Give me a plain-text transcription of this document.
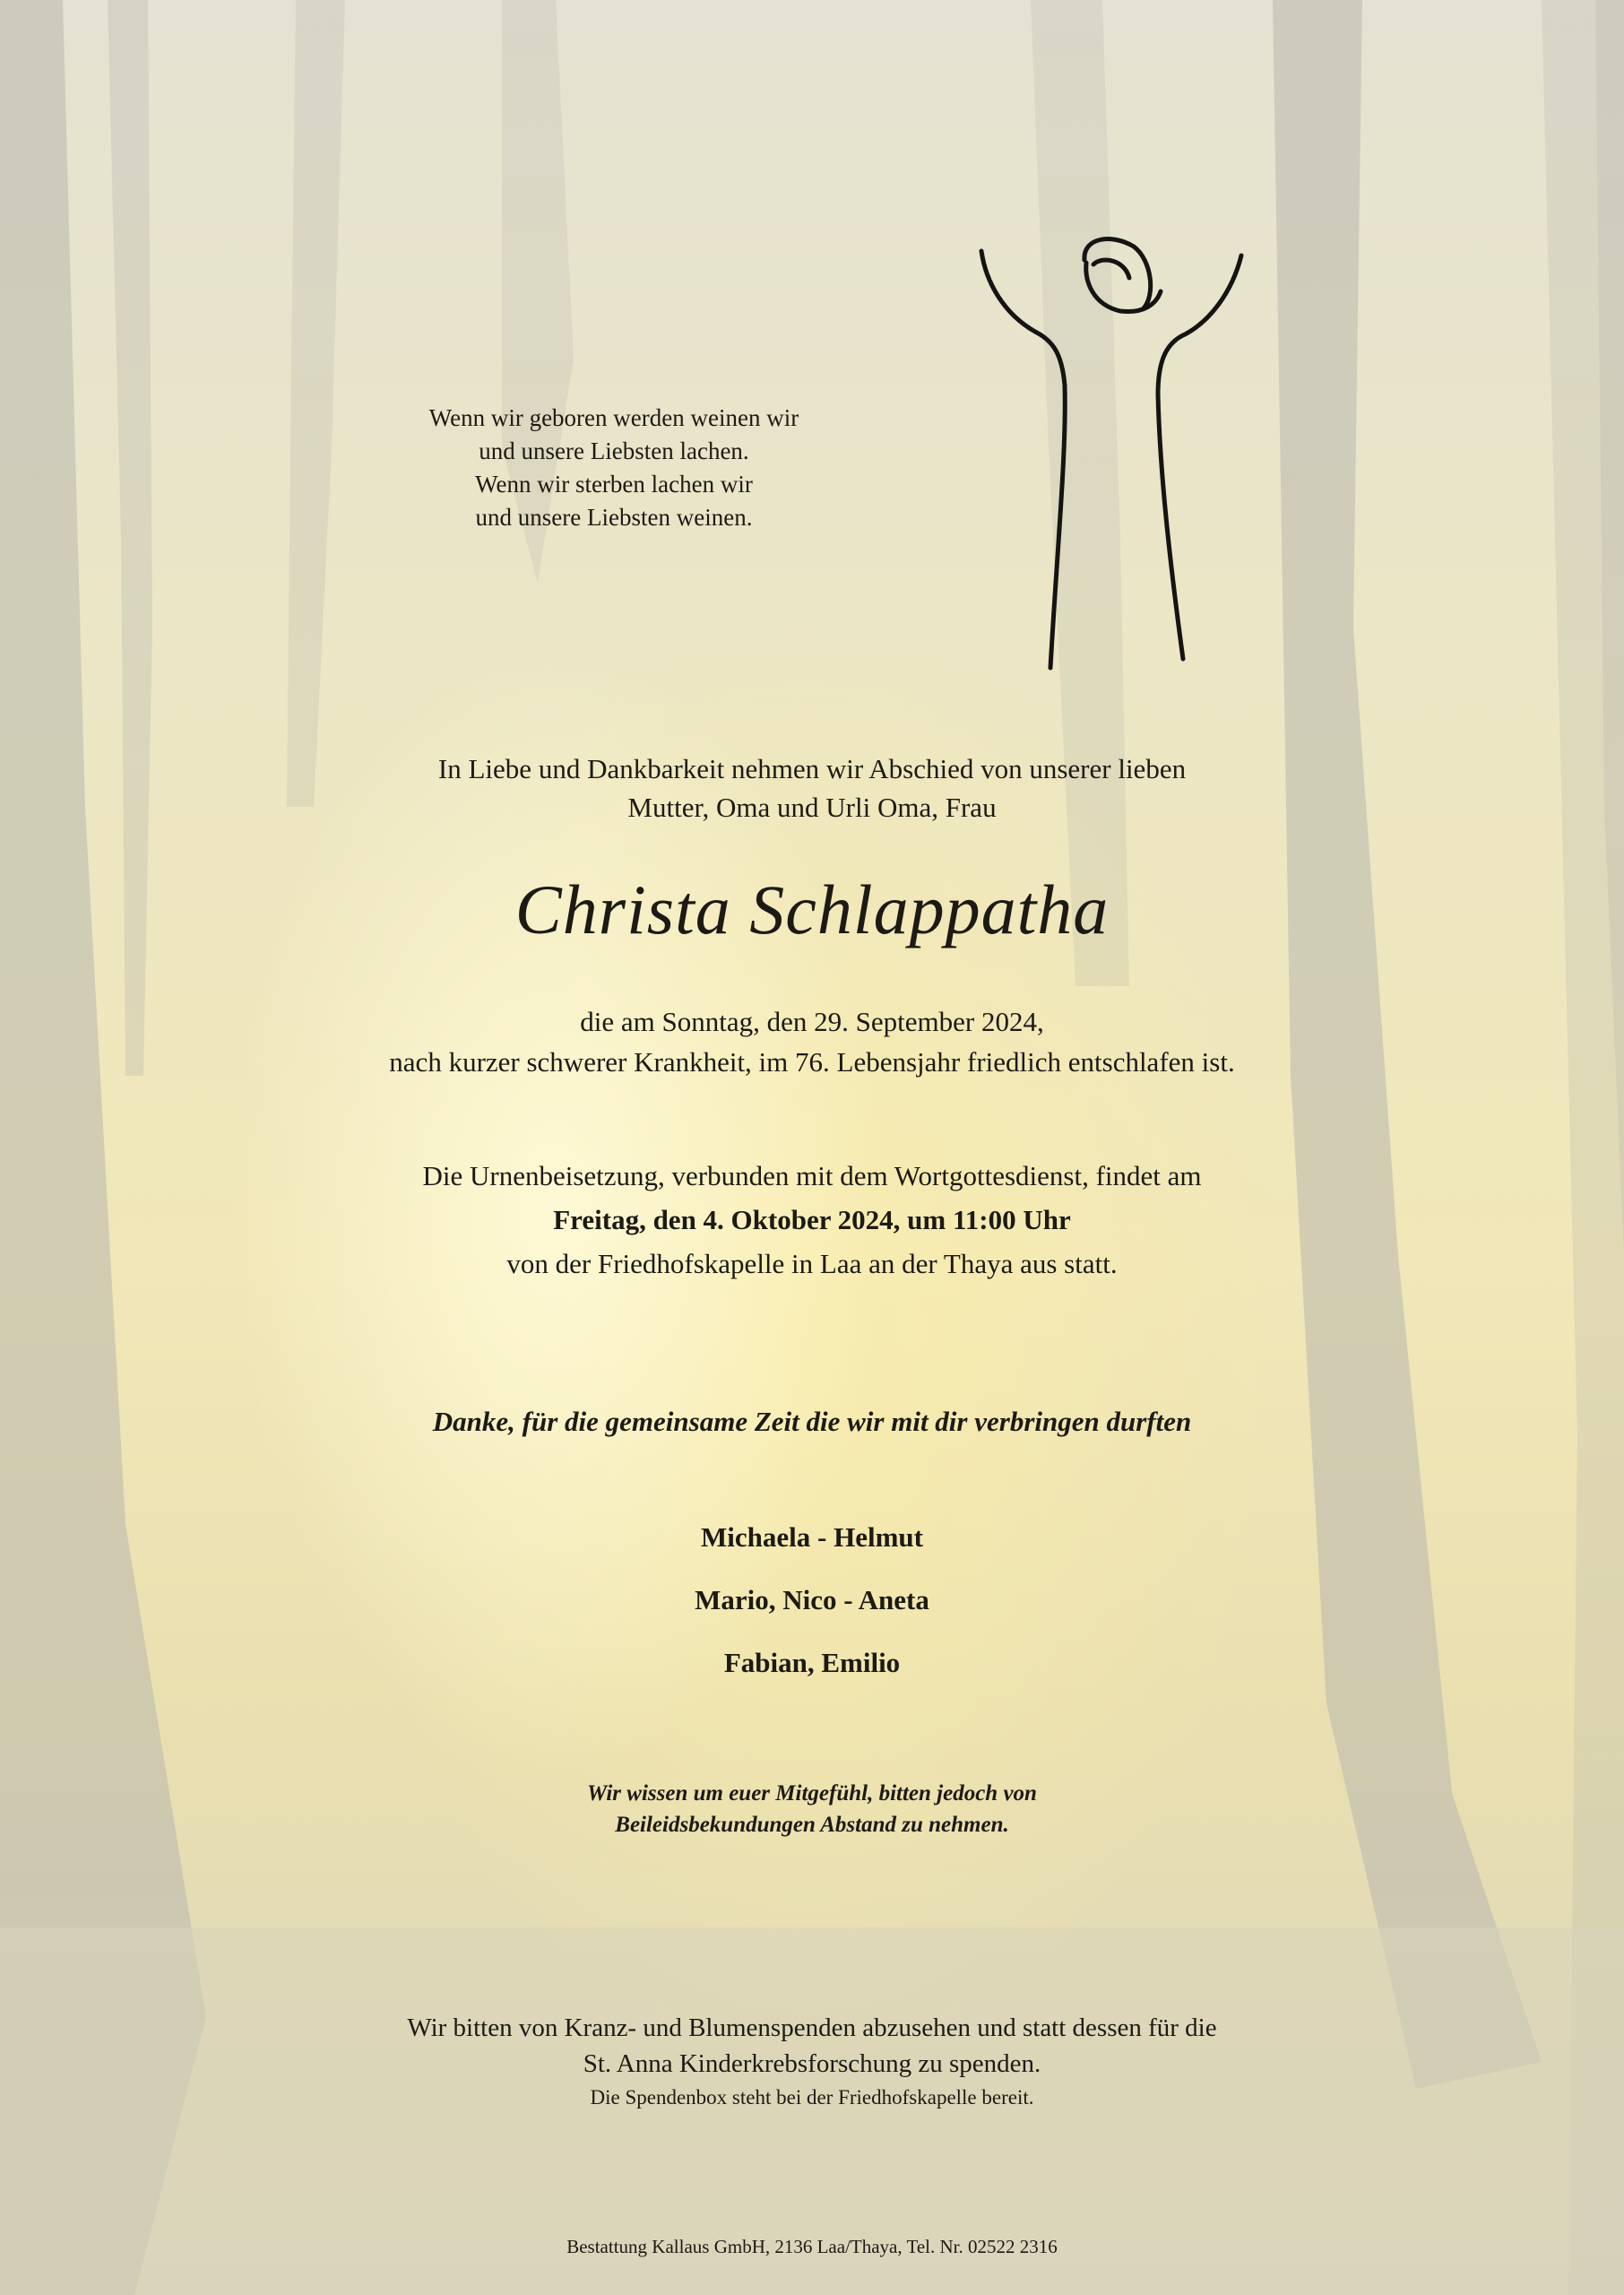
Wenn wir geboren werden weinen wir
und unsere Liebsten lachen.
Wenn wir sterben lachen wir
und unsere Liebsten weinen.
In Liebe und Dankbarkeit nehmen wir Abschied von unserer lieben
Mutter, Oma und Urli Oma, Frau
Christa Schlappatha
die am Sonntag, den 29. September 2024,
nach kurzer schwerer Krankheit, im 76. Lebensjahr friedlich entschlafen ist.
Die Urnenbeisetzung, verbunden mit dem Wortgottesdienst, findet am
Freitag, den 4. Oktober 2024, um 11:00 Uhr
von der Friedhofskapelle in Laa an der Thaya aus statt.
Danke, für die gemeinsame Zeit die wir mit dir verbringen durften
Michaela - Helmut
Mario, Nico - Aneta
Fabian, Emilio
Wir wissen um euer Mitgefühl, bitten jedoch von
Beileidsbekundungen Abstand zu nehmen.
Wir bitten von Kranz- und Blumenspenden abzusehen und statt dessen für die
St. Anna Kinderkrebsforschung zu spenden.
Die Spendenbox steht bei der Friedhofskapelle bereit.
Bestattung Kallaus GmbH, 2136 Laa/Thaya, Tel. Nr. 02522 2316
